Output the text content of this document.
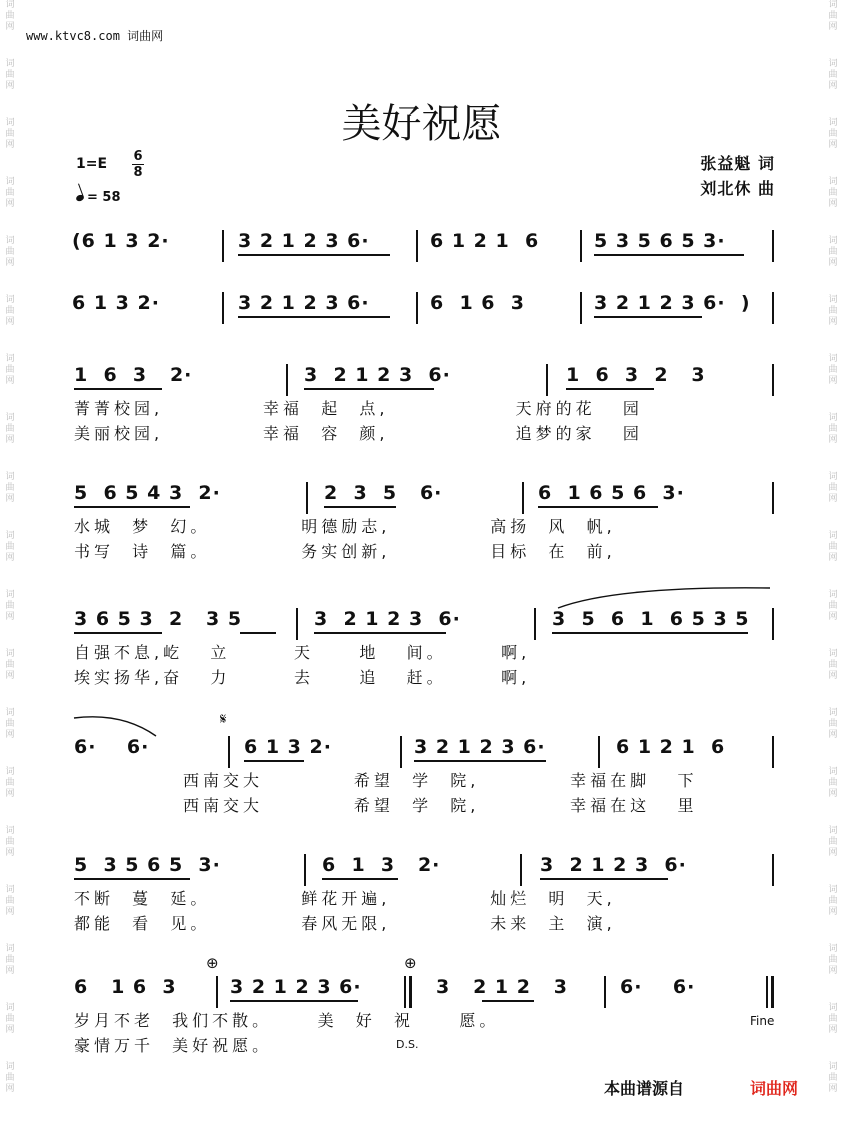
词
曲
网
词
曲
网
词
曲
网
词
曲
网
词
曲
网
词
曲
网
词
曲
网
词
曲
网
词
曲
网
词
曲
网
词
曲
网
词
曲
网
词
曲
网
词
曲
网
词
曲
网
词
曲
网
词
曲
网
词
曲
网
词
曲
网
词
曲
网
词
曲
网
词
曲
网
词
曲
网
词
曲
网
词
曲
网
词
曲
网
词
曲
网
词
曲
网
词
曲
网
词
曲
网
词
曲
网
词
曲
网
词
曲
网
词
曲
网
词
曲
网
词
曲
网
词
曲
网
词
曲
网
www.ktvc8.com 词曲网
美好祝愿
1=E 6
8
= 58
张益魁 词
刘北休 曲
(6 1 3 2·	3 2 1 2 3 6·	6 1 2 1  6	5 3 5 6 5 3·
6 1 3 2·	3 2 1 2 3 6·	6  1 6  3	3 2 1 2 3 6·  )
1  6  3   2·	3  2 1 2 3  6·	1  6  3  2   3
菁菁校园,           幸福  起  点,              天府的花   园
美丽校园,           幸福  容  颜,              追梦的家   园
5  6 5 4 3  2·	2  3  5   6·	6  1 6 5 6  3·
水城  梦  幻。          明德励志,           高扬  风  帆,
书写  诗  篇。          务实创新,           目标  在  前,
3 6 5 3  2   3 5	3  2 1 2 3  6·	3  5  6  1  6 5 3 5
自强不息,屹   立       天     地   间。      啊,
埃实扬华,奋   力       去     追   赶。      啊,
6·    6·
𝄋
6 1 3 2·	3 2 1 2 3 6·	6 1 2 1  6
西南交大          希望  学  院,          幸福在脚   下
西南交大          希望  学  院,          幸福在这   里
5  3 5 6 5  3·	6  1  3   2·	3  2 1 2 3  6·
不断  蔓  延。          鲜花开遍,           灿烂  明  天,
都能  看  见。          春风无限,           未来  主  演,
6   1 6  3
⊕
3 2 1 2 3 6·
⊕
3   2 1 2   3	6·    6·
岁月不老  我们不散。     美  好  祝     愿。
豪情万千  美好祝愿。
Fine
D.S.
本曲谱源自	词曲网
